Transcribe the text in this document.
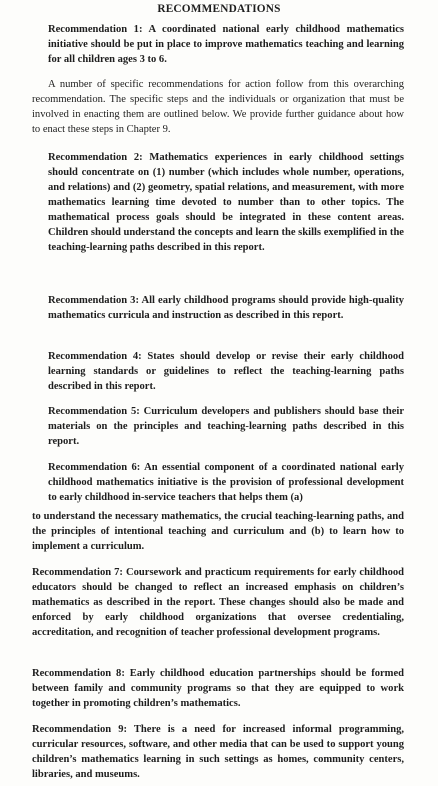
RECOMMENDATIONS
Recommendation 1: A coordinated national early childhood mathematics initiative should be put in place to improve mathematics teaching and learning for all children ages 3 to 6.
A number of specific recommendations for action follow from this overarching recommendation. The specific steps and the individuals or organization that must be involved in enacting them are outlined below. We provide further guidance about how to enact these steps in Chapter 9.
Recommendation 2: Mathematics experiences in early childhood settings should concentrate on (1) number (which includes whole number, operations, and relations) and (2) geometry, spatial relations, and measurement, with more mathematics learning time devoted to number than to other topics. The mathematical process goals should be integrated in these content areas. Children should understand the concepts and learn the skills exemplified in the teaching-learning paths described in this report.
Recommendation 3: All early childhood programs should provide high-quality mathematics curricula and instruction as described in this report.
Recommendation 4: States should develop or revise their early childhood learning standards or guidelines to reflect the teaching-learning paths described in this report.
Recommendation 5: Curriculum developers and publishers should base their materials on the principles and teaching-learning paths described in this report.
Recommendation 6: An essential component of a coordinated national early childhood mathematics initiative is the provision of professional development to early childhood in-service teachers that helps them (a)
to understand the necessary mathematics, the crucial teaching-learning paths, and the principles of intentional teaching and curriculum and (b) to learn how to implement a curriculum.
Recommendation 7: Coursework and practicum requirements for early childhood educators should be changed to reflect an increased emphasis on children’s mathematics as described in the report. These changes should also be made and enforced by early childhood organizations that oversee credentialing, accreditation, and recognition of teacher professional development programs.
Recommendation 8: Early childhood education partnerships should be formed between family and community programs so that they are equipped to work together in promoting children’s mathematics.
Recommendation 9: There is a need for increased informal programming, curricular resources, software, and other media that can be used to support young children’s mathematics learning in such settings as homes, community centers, libraries, and museums.
